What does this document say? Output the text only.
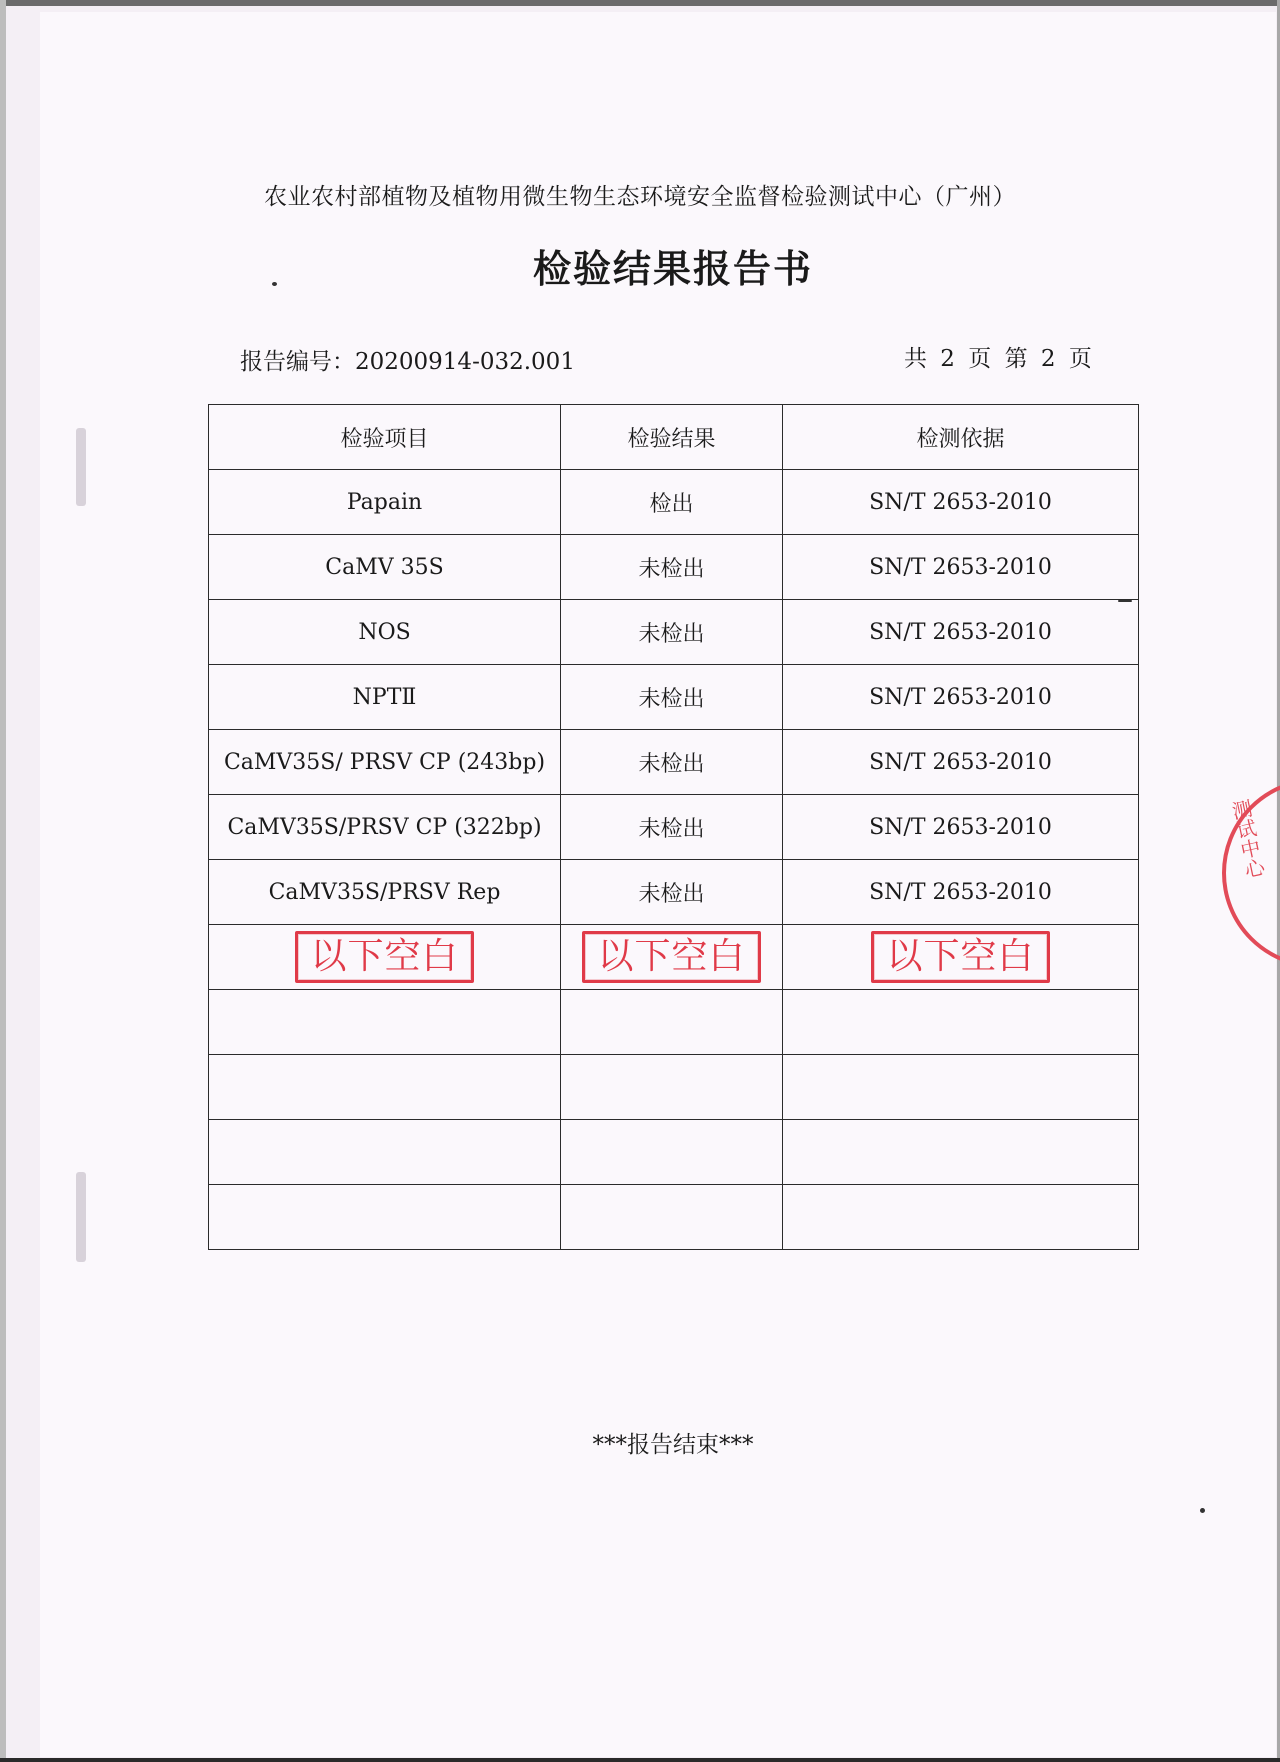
农业农村部植物及植物用微生物生态环境安全监督检验测试中心（广州）
检验结果报告书
报告编号：20200914-032.001	共 2 页 第 2 页
检验项目	检验结果	检测依据
Papain	检出	SN/T 2653-2010
CaMV 35S	未检出	SN/T 2653-2010
NOS	未检出	SN/T 2653-2010
NPTⅡ	未检出	SN/T 2653-2010
CaMV35S/ PRSV CP (243bp)	未检出	SN/T 2653-2010
CaMV35S/PRSV CP (322bp)	未检出	SN/T 2653-2010
CaMV35S/PRSV Rep	未检出	SN/T 2653-2010
以下空白	以下空白	以下空白

测试中心
***报告结束***
